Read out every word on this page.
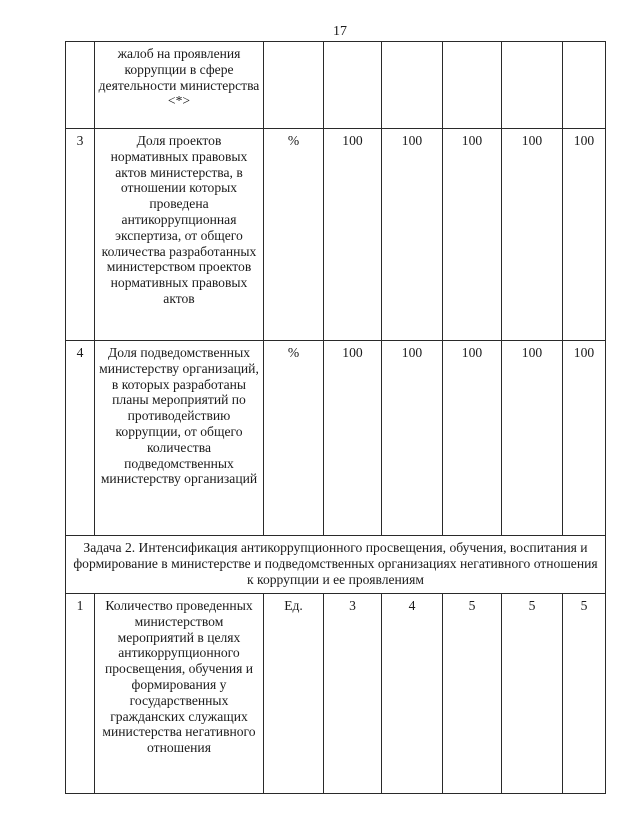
17
	жалоб на проявления коррупции в сфере деятельности министерства <*>						
3	Доля проектов нормативных правовых актов министерства, в отношении которых проведена антикоррупционная экспертиза, от общего количества разработанных министерством проектов нормативных правовых актов	%	100	100	100	100	100
4	Доля подведомственных министерству организаций, в которых разработаны планы мероприятий по противодействию коррупции, от общего количества подведомственных министерству организаций	%	100	100	100	100	100
Задача 2. Интенсификация антикоррупционного просвещения, обучения, воспитания и формирование в министерстве и подведомственных организациях негативного отношения к коррупции и ее проявлениям							
1	Количество проведенных министерством мероприятий в целях антикоррупционного просвещения, обучения и формирования у государственных гражданских служащих министерства негативного отношения	Ед.	3	4	5	5	5
